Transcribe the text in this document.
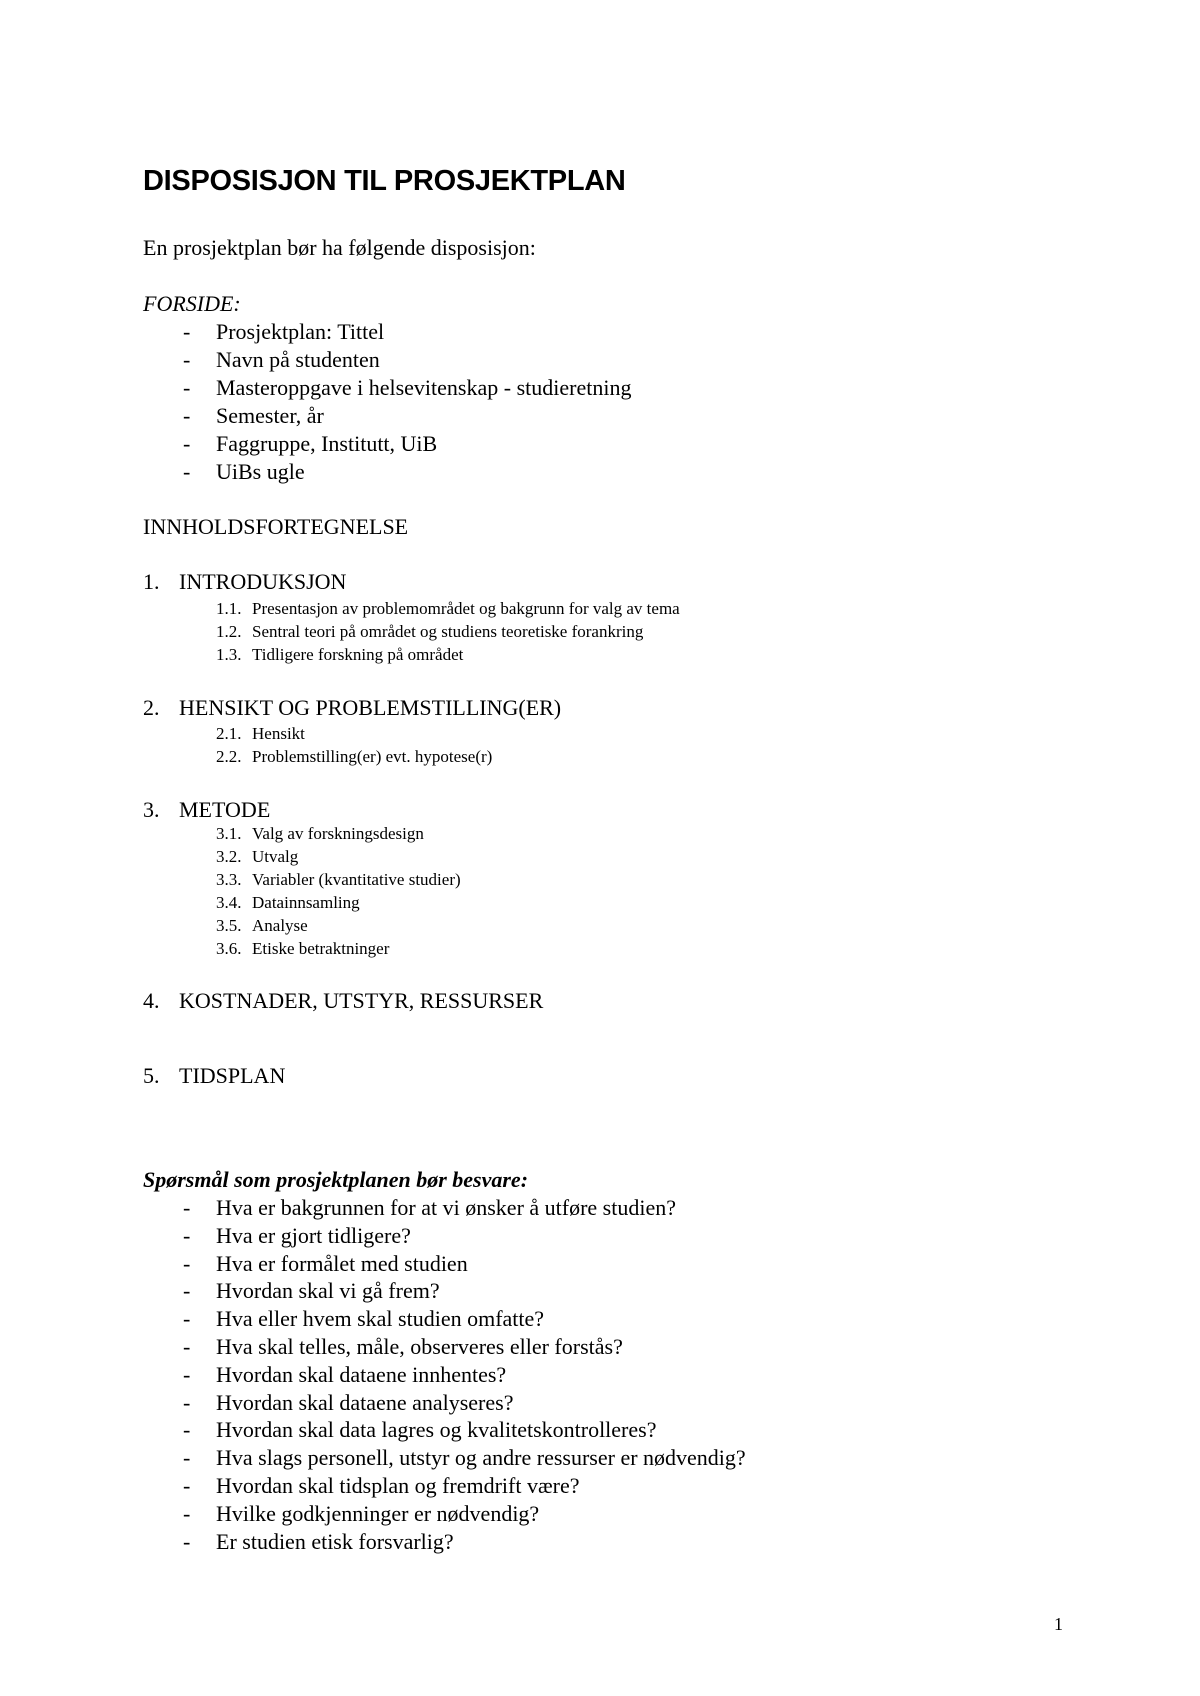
DISPOSISJON TIL PROSJEKTPLAN
En prosjektplan bør ha følgende disposisjon:
FORSIDE:
- Prosjektplan: Tittel
- Navn på studenten
- Masteroppgave i helsevitenskap - studieretning
- Semester, år
- Faggruppe, Institutt, UiB
- UiBs ugle
INNHOLDSFORTEGNELSE
1. INTRODUKSJON
1.1. Presentasjon av problemområdet og bakgrunn for valg av tema
1.2. Sentral teori på området og studiens teoretiske forankring
1.3. Tidligere forskning på området
2. HENSIKT OG PROBLEMSTILLING(ER)
2.1. Hensikt
2.2. Problemstilling(er) evt. hypotese(r)
3. METODE
3.1. Valg av forskningsdesign
3.2. Utvalg
3.3. Variabler (kvantitative studier)
3.4. Datainnsamling
3.5. Analyse
3.6. Etiske betraktninger
4. KOSTNADER, UTSTYR, RESSURSER
5. TIDSPLAN
Spørsmål som prosjektplanen bør besvare:
- Hva er bakgrunnen for at vi ønsker å utføre studien?
- Hva er gjort tidligere?
- Hva er formålet med studien
- Hvordan skal vi gå frem?
- Hva eller hvem skal studien omfatte?
- Hva skal telles, måle, observeres eller forstås?
- Hvordan skal dataene innhentes?
- Hvordan skal dataene analyseres?
- Hvordan skal data lagres og kvalitetskontrolleres?
- Hva slags personell, utstyr og andre ressurser er nødvendig?
- Hvordan skal tidsplan og fremdrift være?
- Hvilke godkjenninger er nødvendig?
- Er studien etisk forsvarlig?
1
